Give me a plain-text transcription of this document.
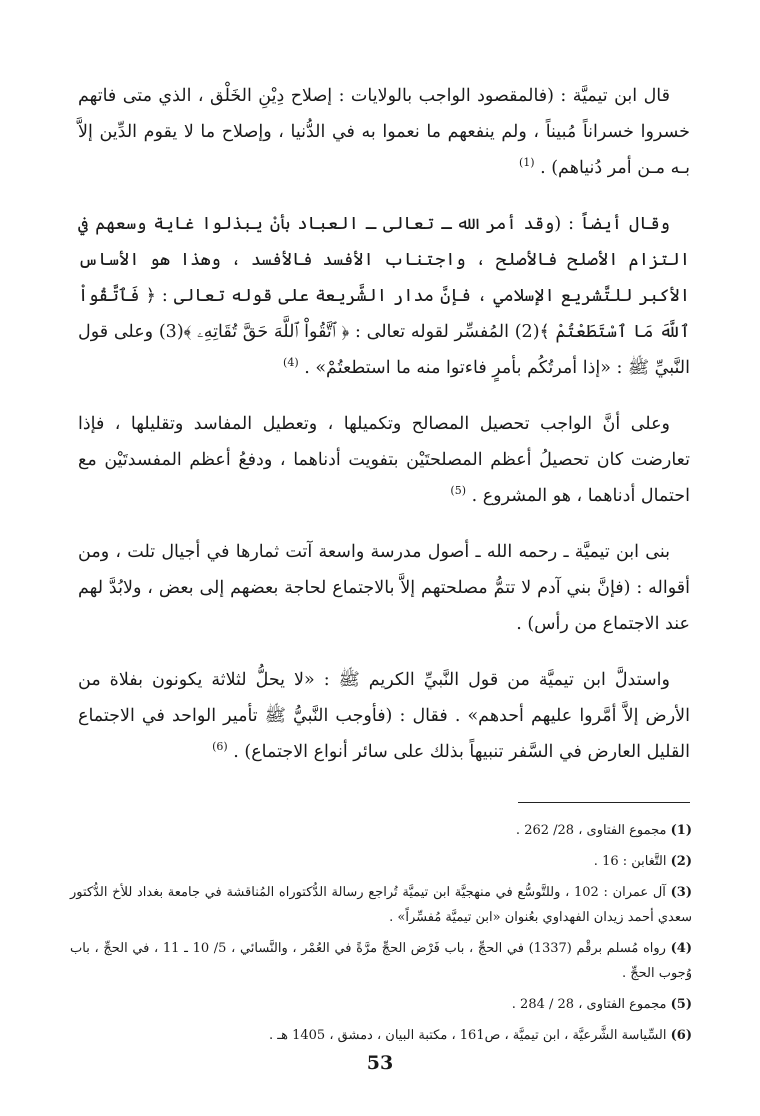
قال ابن تيميَّة : (فالمقصود الواجب بالولايات : إصلاح دِيْنِ الخَلْق ، الذي متى فاتهم خسروا خسراناً مُبيناً ، ولم ينفعهم ما نعموا به في الدُّنيا ، وإصلاح ما لا يقوم الدِّين إلاَّ بـه مـن أمر دُنياهم) . $^{(1)}$

وقال أيضاً : (وقد أمر الله ـ تعالى ـ العباد بأنْ يبذلوا غاية وسعهم في التزام الأصلح فالأصلح ، واجتناب الأفسد فالأفسد ، وهذا هو الأساس الأكبر للتَّشريع الإسلامي ، فإنَّ مدار الشَّريعة على قوله تعالى : ﴿ فَٱتَّقُواْ ٱللَّهَ مَا ٱسْتَطَعْتُمْ ﴾(2) المُفسِّر لقوله تعالى : ﴿ ٱتَّقُواْ ٱللَّهَ حَقَّ تُقَاتِهِۦ ﴾(3) وعلى قول النَّبيِّ ﷺ : «إذا أمرتُكُم بأمرٍ فاءتوا منه ما استطعتُمْ» . $^{(4)}$

وعلى أنَّ الواجب تحصيل المصالح وتكميلها ، وتعطيل المفاسد وتقليلها ، فإذا تعارضت كان تحصيلُ أعظم المصلحتَيْن بتفويت أدناهما ، ودفعُ أعظم المفسدتَيْن مع احتمال أدناهما ، هو المشروع . $^{(5)}$

بنى ابن تيميَّة ـ رحمه الله ـ أصول مدرسة واسعة آتت ثمارها في أجيال تلت ، ومن أقواله : (فإنَّ بني آدم لا تتمُّ مصلحتهم إلاَّ بالاجتماع لحاجة بعضهم إلى بعض ، ولابُدَّ لهم عند الاجتماع من رأس) .

واستدلَّ ابن تيميَّة من قول النَّبيِّ الكريم ﷺ : «لا يحلُّ لثلاثة يكونون بفلاة من الأرض إلاَّ أمَّروا عليهم أحدهم» . فقال : (فأوجب النَّبيُّ ﷺ تأمير الواحد في الاجتماع القليل العارض في السَّفر تنبيهاً بذلك على سائر أنواع الاجتماع) . $^{(6)}$

(1) مجموع الفتاوى ، 28/ 262 .

(2) التَّغابن : 16 .

(3) آل عمران : 102 ، وللتَّوسُّع في منهجيَّة ابن تيميَّة تُراجع رسالة الدُّكتوراه المُناقشة في جامعة بغداد للأخ الدُّكتور سعدي أحمد زيدان الفهداوي بعُنوان «ابن تيميَّة مُفسِّراً» .

(4) رواه مُسلم برقْم (1337) في الحجِّ ، باب فَرْض الحجِّ مرَّةً في العُمْر ، والنَّسائي ، 5/ 10 ـ 11 ، في الحجِّ ، باب وُجوب الحجِّ .

(5) مجموع الفتاوى ، 28 / 284 .

(6) السِّياسة الشَّرعيَّة ، ابن تيميَّة ، ص161 ، مكتبة البيان ، دمشق ، 1405 هـ .

53
